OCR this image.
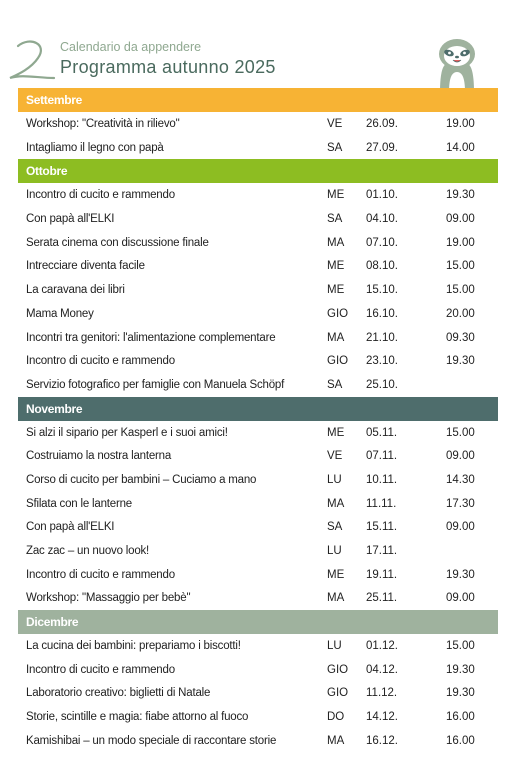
Calendario da appendere
Programma autunno 2025
Settembre
Workshop: "Creatività in rilievo"	VE 26.09.	19.00
Intagliamo il legno con papà	SA 27.09.	14.00
Ottobre
Incontro di cucito e rammendo	ME 01.10.	19.30
Con papà all'ELKI	SA 04.10.	09.00
Serata cinema con discussione finale	MA 07.10.	19.00
Intrecciare diventa facile	ME 08.10.	15.00
La caravana dei libri	ME 15.10.	15.00
Mama Money	GIO 16.10.	20.00
Incontri tra genitori: l'alimentazione complementare	MA 21.10.	09.30
Incontro di cucito e rammendo	GIO 23.10.	19.30
Servizio fotografico per famiglie con Manuela Schöpf	SA 25.10.
Novembre
Si alzi il sipario per Kasperl e i suoi amici!	ME 05.11.	15.00
Costruiamo la nostra lanterna	VE 07.11.	09.00
Corso di cucito per bambini – Cuciamo a mano	LU 10.11.	14.30
Sfilata con le lanterne	MA 11.11.	17.30
Con papà all'ELKI	SA 15.11.	09.00
Zac zac – un nuovo look!	LU 17.11.
Incontro di cucito e rammendo	ME 19.11.	19.30
Workshop: "Massaggio per bebè"	MA 25.11.	09.00
Dicembre
La cucina dei bambini: prepariamo i biscotti!	LU 01.12.	15.00
Incontro di cucito e rammendo	GIO 04.12.	19.30
Laboratorio creativo: biglietti di Natale	GIO 11.12.	19.30
Storie, scintille e magia: fiabe attorno al fuoco	DO 14.12.	16.00
Kamishibai – un modo speciale di raccontare storie	MA 16.12.	16.00
